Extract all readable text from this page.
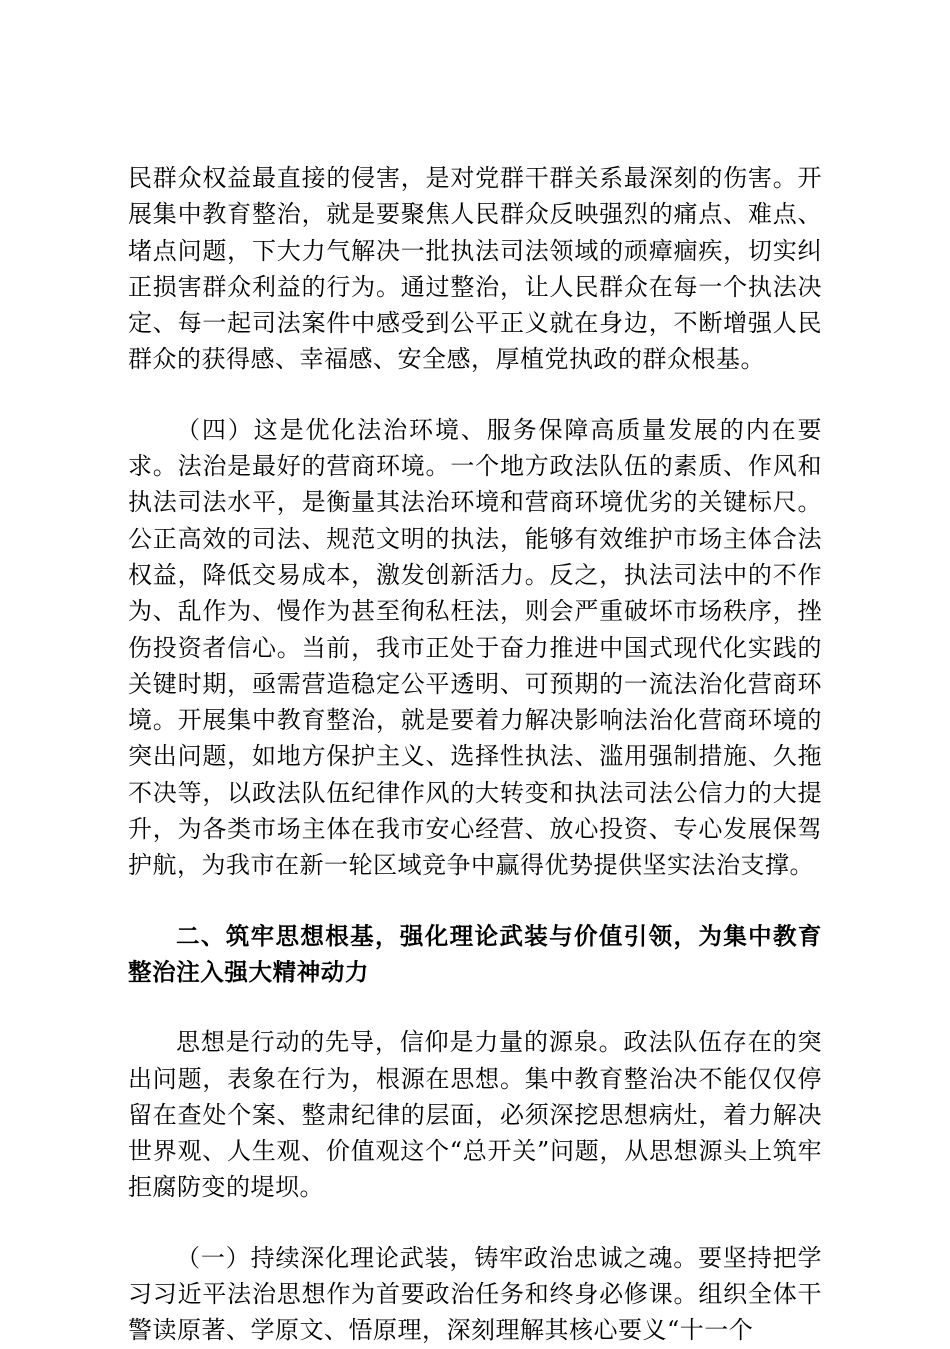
民群众权益最直接的侵害，是对党群干群关系最深刻的伤害。开展集中教育整治，就是要聚焦人民群众反映强烈的痛点、难点、堵点问题，下大力气解决一批执法司法领域的顽瘴痼疾，切实纠正损害群众利益的行为。通过整治，让人民群众在每一个执法决定、每一起司法案件中感受到公平正义就在身边，不断增强人民群众的获得感、幸福感、安全感，厚植党执政的群众根基。

（四）这是优化法治环境、服务保障高质量发展的内在要求。法治是最好的营商环境。一个地方政法队伍的素质、作风和执法司法水平，是衡量其法治环境和营商环境优劣的关键标尺。公正高效的司法、规范文明的执法，能够有效维护市场主体合法权益，降低交易成本，激发创新活力。反之，执法司法中的不作为、乱作为、慢作为甚至徇私枉法，则会严重破坏市场秩序，挫伤投资者信心。当前，我市正处于奋力推进中国式现代化实践的关键时期，亟需营造稳定公平透明、可预期的一流法治化营商环境。开展集中教育整治，就是要着力解决影响法治化营商环境的突出问题，如地方保护主义、选择性执法、滥用强制措施、久拖不决等，以政法队伍纪律作风的大转变和执法司法公信力的大提升，为各类市场主体在我市安心经营、放心投资、专心发展保驾护航，为我市在新一轮区域竞争中赢得优势提供坚实法治支撑。

二、筑牢思想根基，强化理论武装与价值引领，为集中教育整治注入强大精神动力

思想是行动的先导，信仰是力量的源泉。政法队伍存在的突出问题，表象在行为，根源在思想。集中教育整治决不能仅仅停留在查处个案、整肃纪律的层面，必须深挖思想病灶，着力解决世界观、人生观、价值观这个“总开关”问题，从思想源头上筑牢拒腐防变的堤坝。

（一）持续深化理论武装，铸牢政治忠诚之魂。要坚持把学习习近平法治思想作为首要政治任务和终身必修课。组织全体干警读原著、学原文、悟原理，深刻理解其核心要义“十一个
